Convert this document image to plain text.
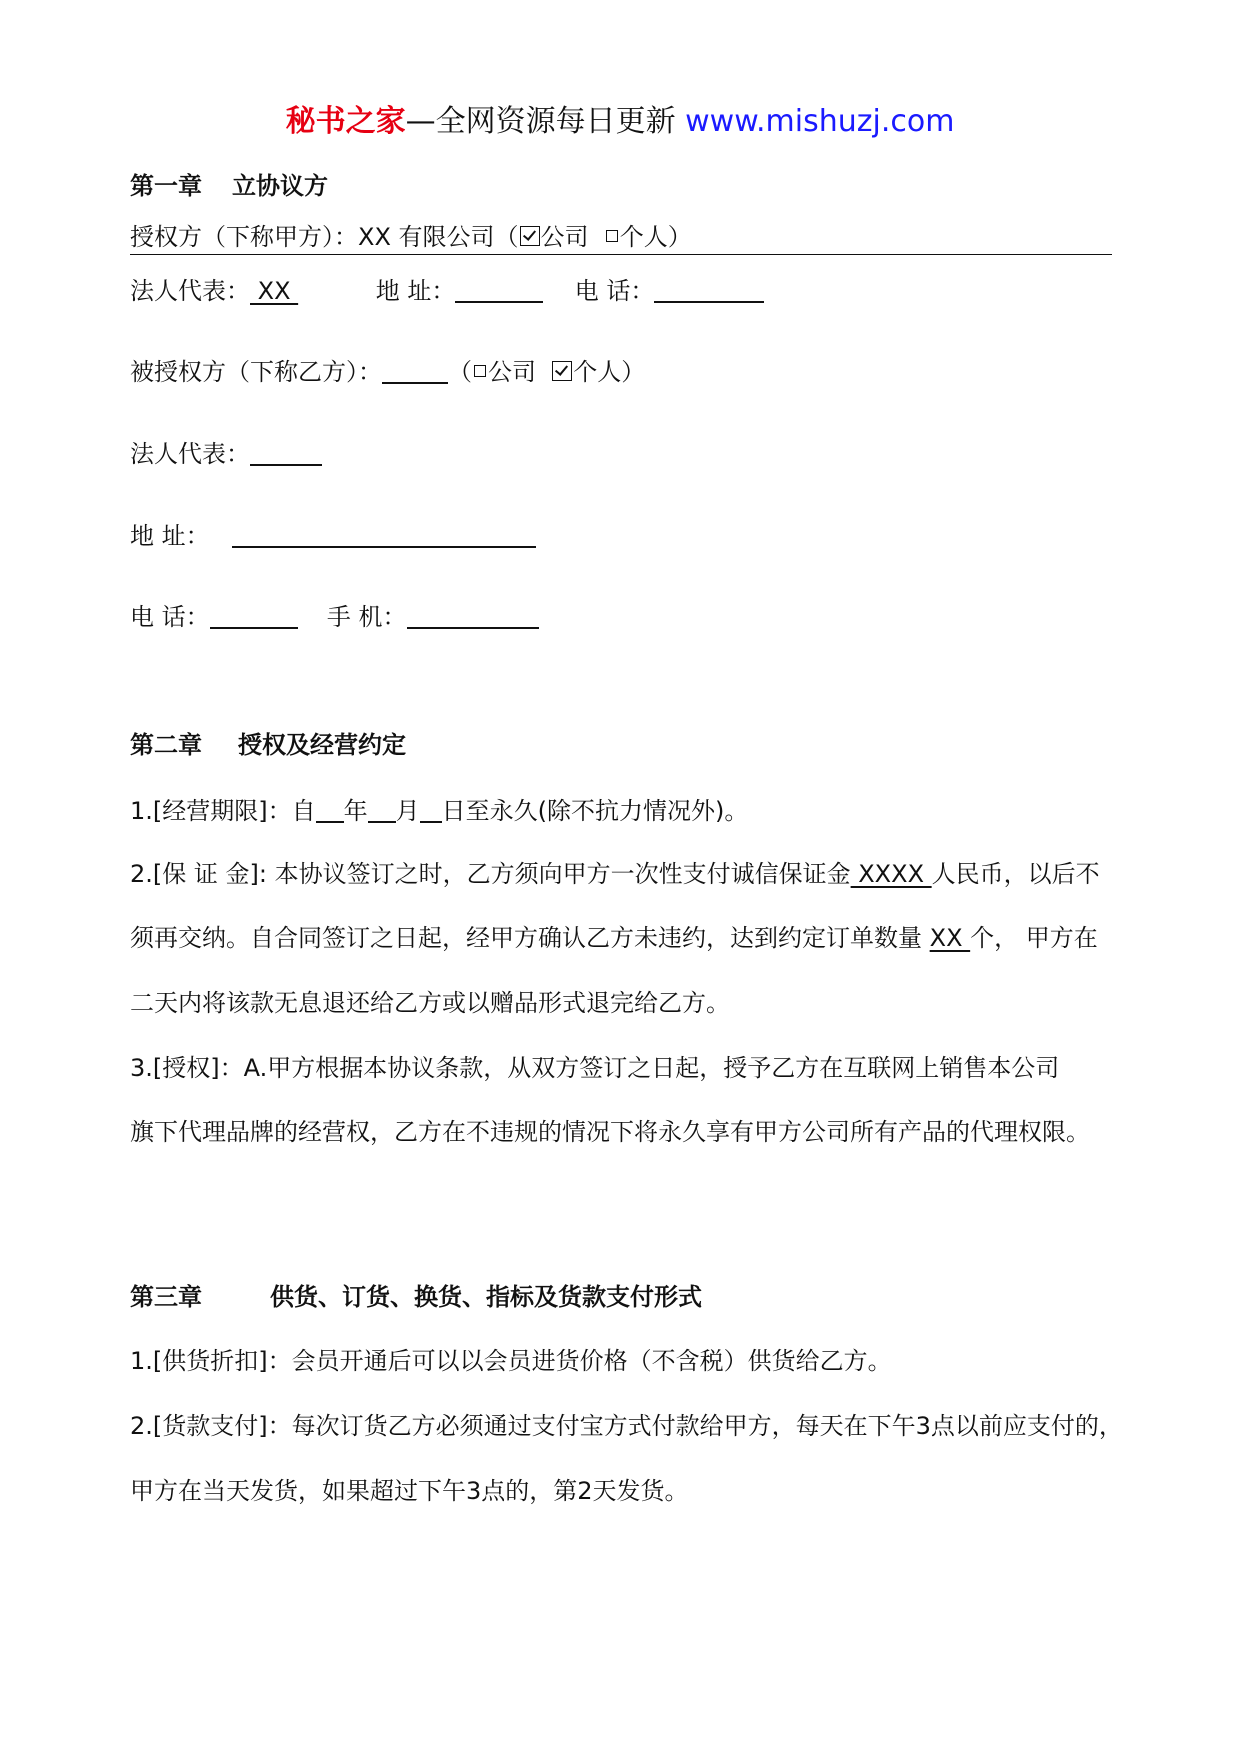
秘书之家—全网资源每日更新 www.mishuzj.com
第一章 立协议方
授权方（下称甲方）：XX 有限公司（ 公司 个人）
法人代表： XX	地 址：	电 话：
被授权方（下称乙方）：	（ 公司 个人）
法人代表：
地 址：
电 话：	手 机：
第二章 授权及经营约定
1.[经营期限]：自 年 月 日至永久(除不抗力情况外)。
2.[保 证 金]: 本协议签订之时，乙方须向甲方一次性支付诚信保证金 XXXX 人民币，以后不
须再交纳。自合同签订之日起，经甲方确认乙方未违约，达到约定订单数量 XX 个， 甲方在
二天内将该款无息退还给乙方或以赠品形式退完给乙方。
3.[授权]：A.甲方根据本协议条款，从双方签订之日起，授予乙方在互联网上销售本公司
旗下代理品牌的经营权，乙方在不违规的情况下将永久享有甲方公司所有产品的代理权限。
第三章	供货、订货、换货、指标及货款支付形式
1.[供货折扣]：会员开通后可以以会员进货价格（不含税）供货给乙方。
2.[货款支付]：每次订货乙方必须通过支付宝方式付款给甲方，每天在下午3点以前应支付的，
甲方在当天发货，如果超过下午3点的，第2天发货。
